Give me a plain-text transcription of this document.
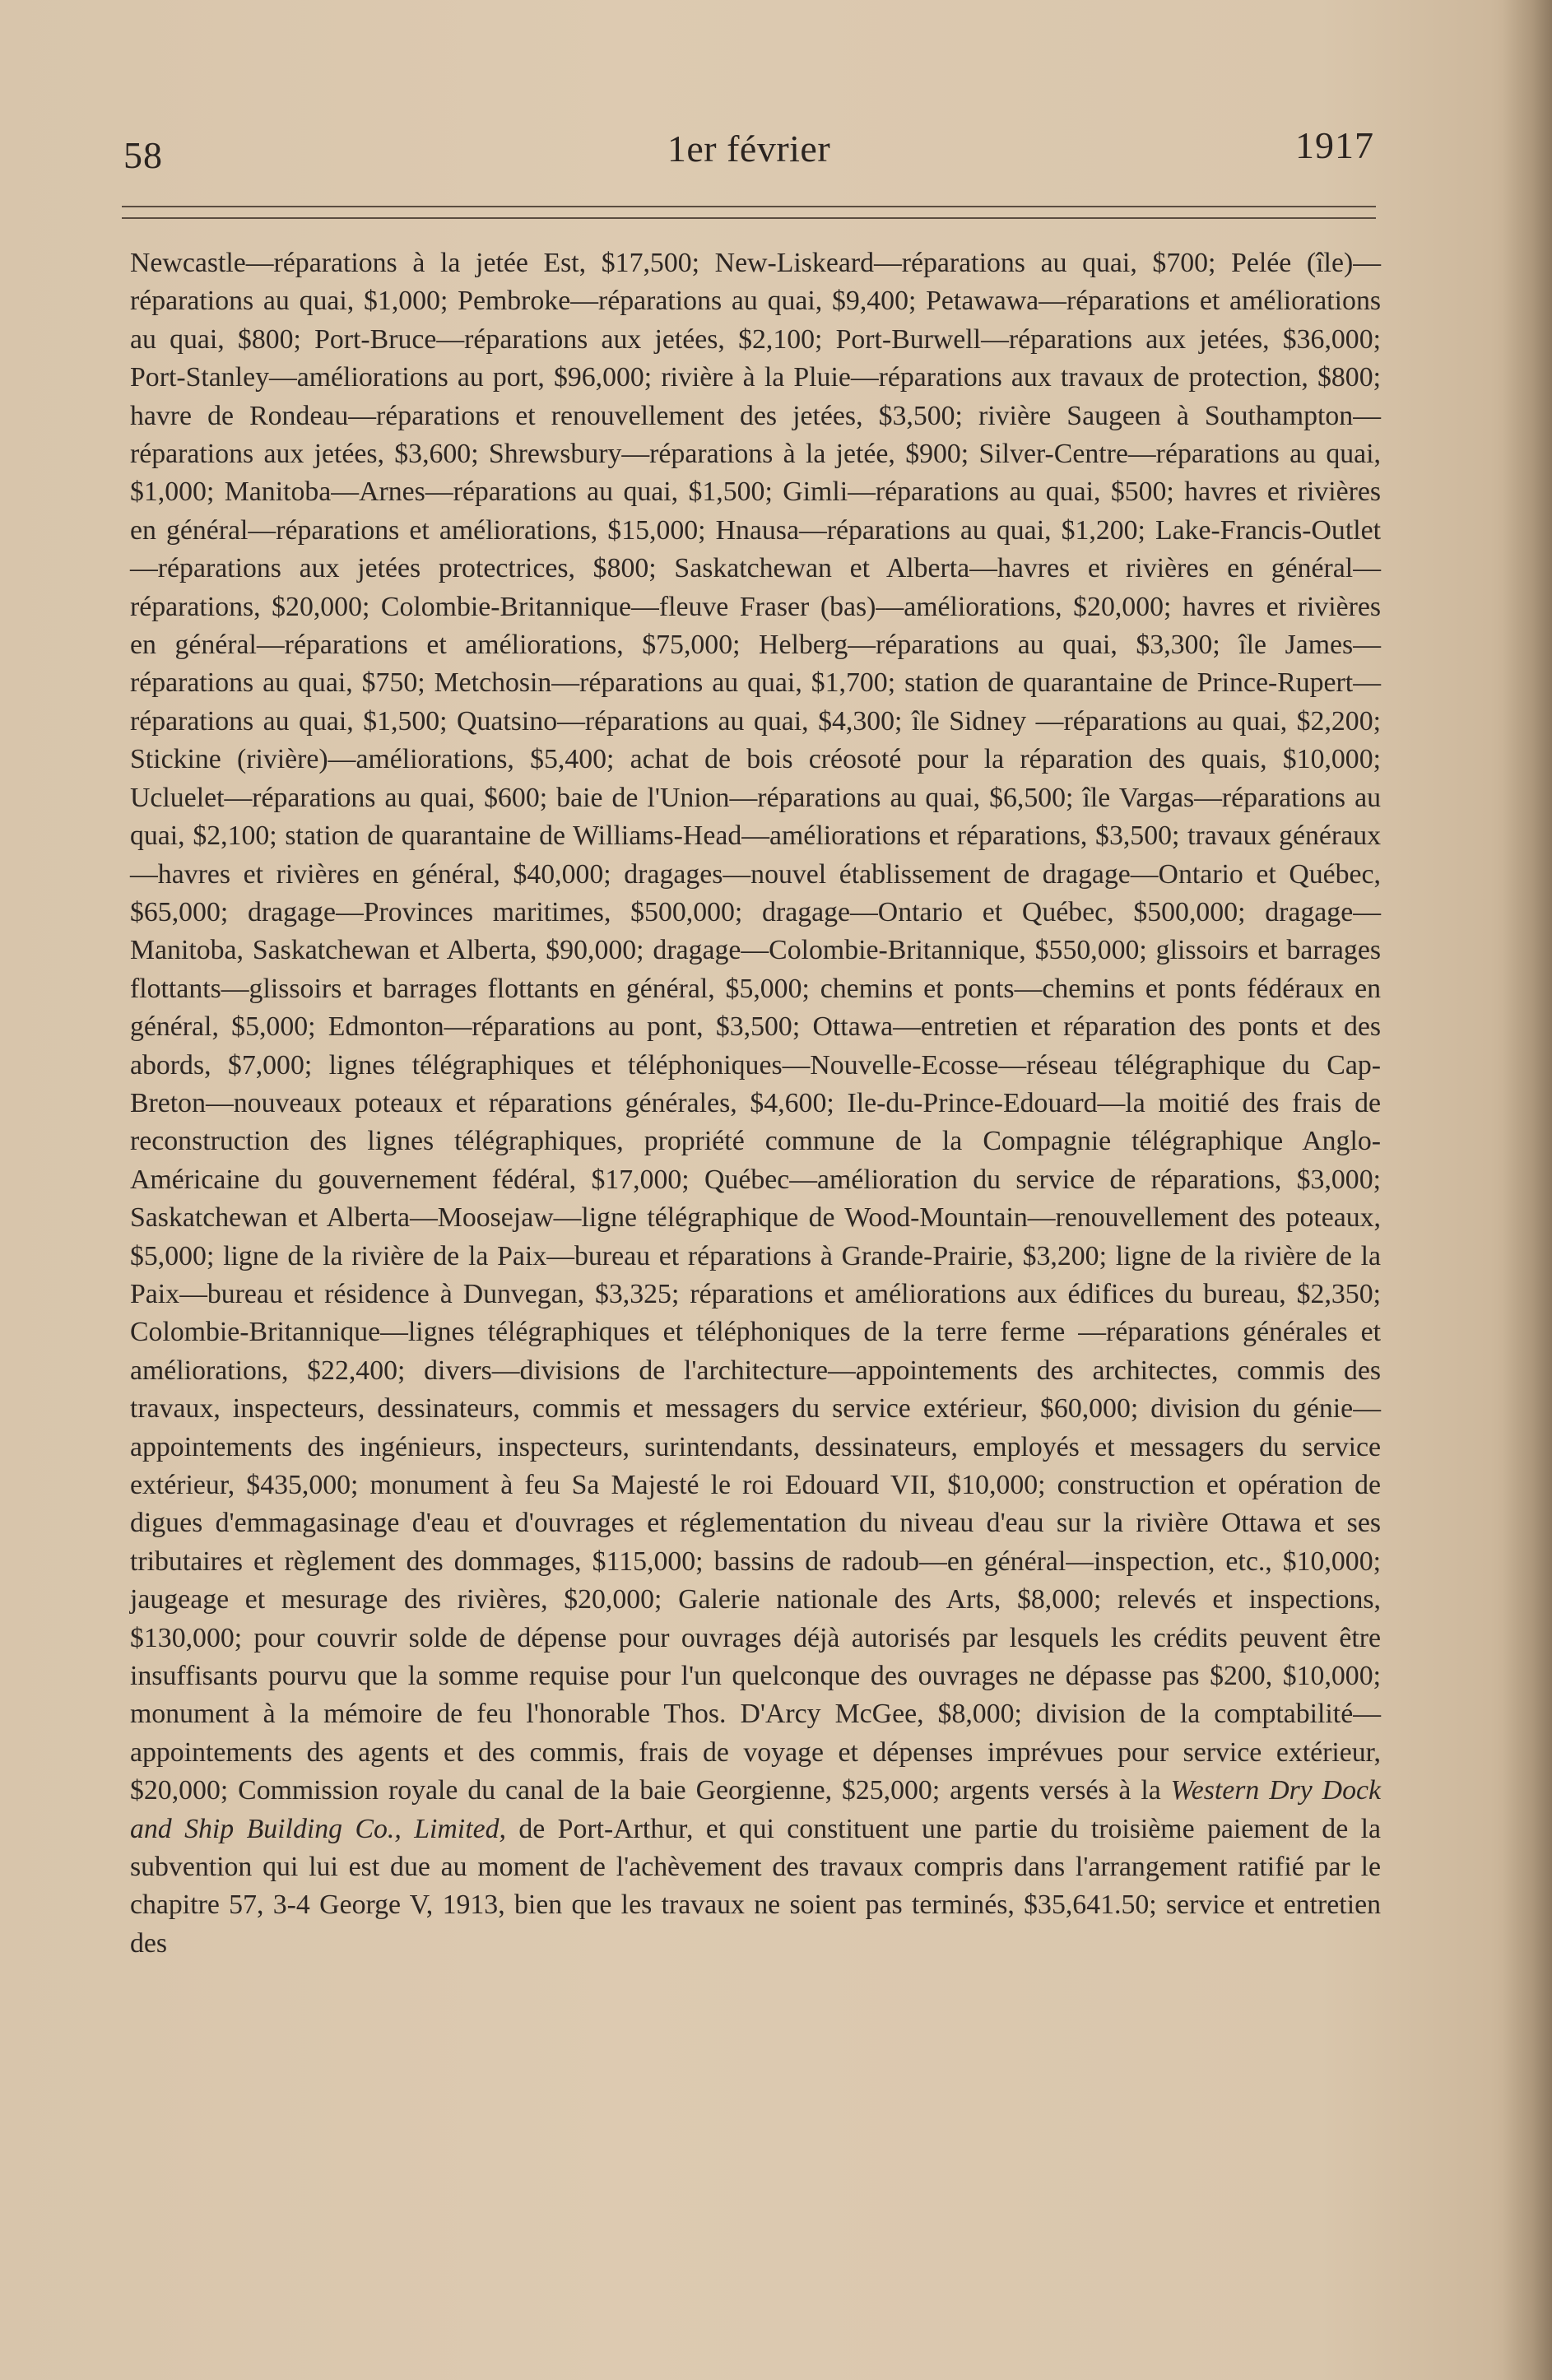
58	1er février	1917

Newcastle—réparations à la jetée Est, $17,500; New-Liskeard—réparations au quai, $700; Pelée (île)—réparations au quai, $1,000; Pembroke—réparations au quai, $9,400; Petawawa—réparations et améliorations au quai, $800; Port-Bruce—réparations aux jetées, $2,100; Port-Burwell—réparations aux jetées, $36,000; Port-Stanley—améliorations au port, $96,000; rivière à la Pluie—réparations aux travaux de protection, $800; havre de Rondeau—réparations et renouvellement des jetées, $3,500; rivière Saugeen à Southampton—réparations aux jetées, $3,600; Shrewsbury—réparations à la jetée, $900; Silver-Centre—réparations au quai, $1,000; Manitoba—Arnes—réparations au quai, $1,500; Gimli—réparations au quai, $500; havres et rivières en général—réparations et améliorations, $15,000; Hnausa—réparations au quai, $1,200; Lake-Francis-Outlet—réparations aux jetées protectrices, $800; Saskatchewan et Alberta—havres et rivières en général—réparations, $20,000; Colombie-Britannique—fleuve Fraser (bas)—améliorations, $20,000; havres et rivières en général—réparations et améliorations, $75,000; Helberg—réparations au quai, $3,300; île James—réparations au quai, $750; Metchosin—réparations au quai, $1,700; station de quarantaine de Prince-Rupert—réparations au quai, $1,500; Quatsino—réparations au quai, $4,300; île Sidney —réparations au quai, $2,200; Stickine (rivière)—améliorations, $5,400; achat de bois créosoté pour la réparation des quais, $10,000; Ucluelet—réparations au quai, $600; baie de l'Union—réparations au quai, $6,500; île Vargas—réparations au quai, $2,100; station de quarantaine de Williams-Head—améliorations et réparations, $3,500; travaux généraux—havres et rivières en général, $40,000; dragages—nouvel établissement de dragage—Ontario et Québec, $65,000; dragage—Provinces maritimes, $500,000; dragage—Ontario et Québec, $500,000; dragage—Manitoba, Saskatchewan et Alberta, $90,000; dragage—Colombie-Britannique, $550,000; glissoirs et barrages flottants—glissoirs et barrages flottants en général, $5,000; chemins et ponts—chemins et ponts fédéraux en général, $5,000; Edmonton—réparations au pont, $3,500; Ottawa—entretien et réparation des ponts et des abords, $7,000; lignes télégraphiques et téléphoniques—Nouvelle-Ecosse—réseau télégraphique du Cap-Breton—nouveaux poteaux et réparations générales, $4,600; Ile-du-Prince-Edouard—la moitié des frais de reconstruction des lignes télégraphiques, propriété commune de la Compagnie télégraphique Anglo-Américaine du gouvernement fédéral, $17,000; Québec—amélioration du service de réparations, $3,000; Saskatchewan et Alberta—Moosejaw—ligne télégraphique de Wood-Mountain—renouvellement des poteaux, $5,000; ligne de la rivière de la Paix—bureau et réparations à Grande-Prairie, $3,200; ligne de la rivière de la Paix—bureau et résidence à Dunvegan, $3,325; réparations et améliorations aux édifices du bureau, $2,350; Colombie-Britannique—lignes télégraphiques et téléphoniques de la terre ferme —réparations générales et améliorations, $22,400; divers—divisions de l'architecture—appointements des architectes, commis des travaux, inspecteurs, dessinateurs, commis et messagers du service extérieur, $60,000; division du génie—appointements des ingénieurs, inspecteurs, surintendants, dessinateurs, employés et messagers du service extérieur, $435,000; monument à feu Sa Majesté le roi Edouard VII, $10,000; construction et opération de digues d'emmagasinage d'eau et d'ouvrages et réglementation du niveau d'eau sur la rivière Ottawa et ses tributaires et règlement des dommages, $115,000; bassins de radoub—en général—inspection, etc., $10,000; jaugeage et mesurage des rivières, $20,000; Galerie nationale des Arts, $8,000; relevés et inspections, $130,000; pour couvrir solde de dépense pour ouvrages déjà autorisés par lesquels les crédits peuvent être insuffisants pourvu que la somme requise pour l'un quelconque des ouvrages ne dépasse pas $200, $10,000; monument à la mémoire de feu l'honorable Thos. D'Arcy McGee, $8,000; division de la comptabilité—appointements des agents et des commis, frais de voyage et dépenses imprévues pour service extérieur, $20,000; Commission royale du canal de la baie Georgienne, $25,000; argents versés à la Western Dry Dock and Ship Building Co., Limited, de Port-Arthur, et qui constituent une partie du troisième paiement de la subvention qui lui est due au moment de l'achèvement des travaux compris dans l'arrangement ratifié par le chapitre 57, 3-4 George V, 1913, bien que les travaux ne soient pas terminés, $35,641.50; service et entretien des
